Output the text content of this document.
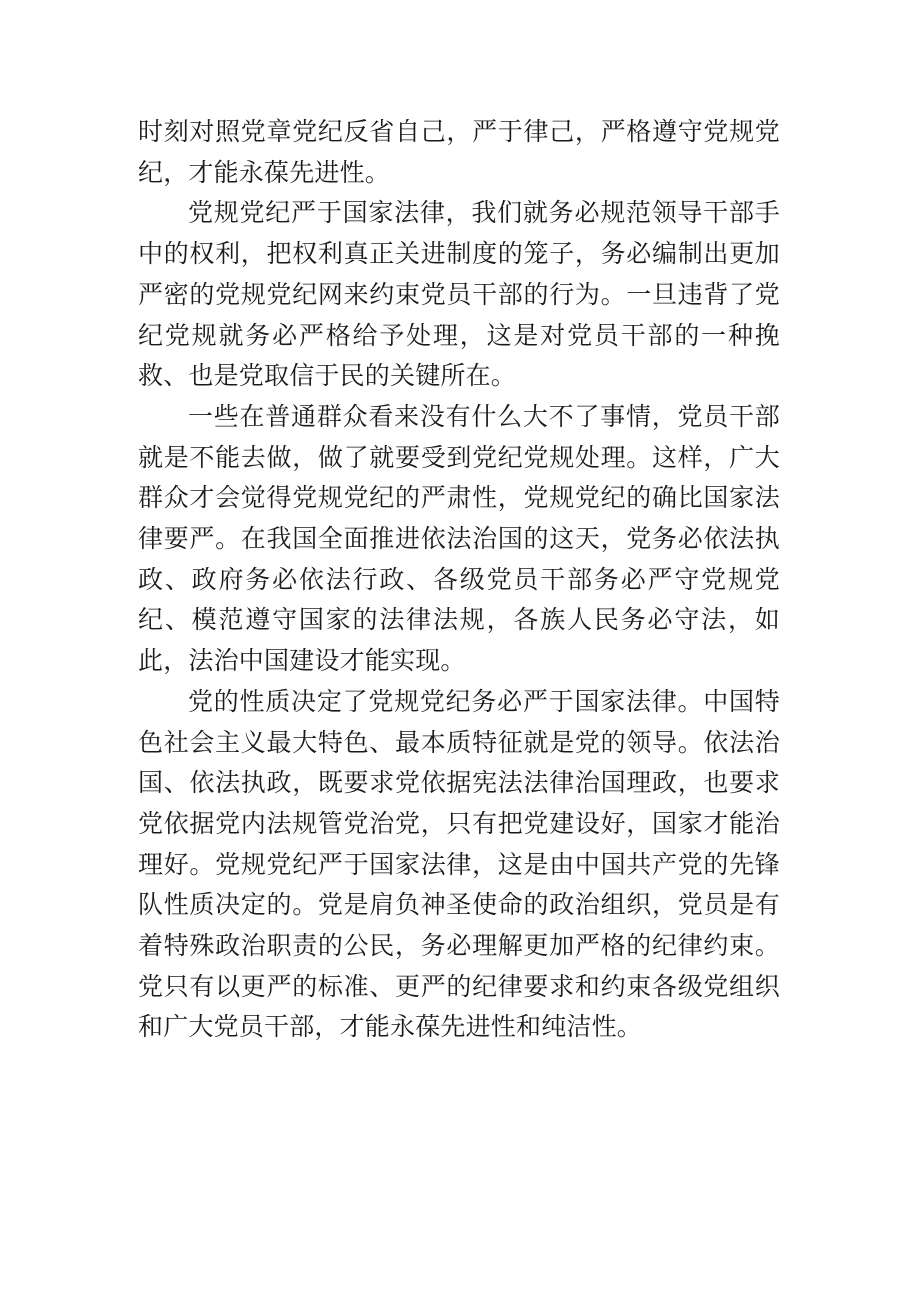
时刻对照党章党纪反省自己，严于律己，严格遵守党规党纪，才能永葆先进性。

党规党纪严于国家法律，我们就务必规范领导干部手中的权利，把权利真正关进制度的笼子，务必编制出更加严密的党规党纪网来约束党员干部的行为。一旦违背了党纪党规就务必严格给予处理，这是对党员干部的一种挽救、也是党取信于民的关键所在。

一些在普通群众看来没有什么大不了事情，党员干部就是不能去做，做了就要受到党纪党规处理。这样，广大群众才会觉得党规党纪的严肃性，党规党纪的确比国家法律要严。在我国全面推进依法治国的这天，党务必依法执政、政府务必依法行政、各级党员干部务必严守党规党纪、模范遵守国家的法律法规，各族人民务必守法，如此，法治中国建设才能实现。

党的性质决定了党规党纪务必严于国家法律。中国特色社会主义最大特色、最本质特征就是党的领导。依法治国、依法执政，既要求党依据宪法法律治国理政，也要求党依据党内法规管党治党，只有把党建设好，国家才能治理好。党规党纪严于国家法律，这是由中国共产党的先锋队性质决定的。党是肩负神圣使命的政治组织，党员是有着特殊政治职责的公民，务必理解更加严格的纪律约束。党只有以更严的标准、更严的纪律要求和约束各级党组织和广大党员干部，才能永葆先进性和纯洁性。
